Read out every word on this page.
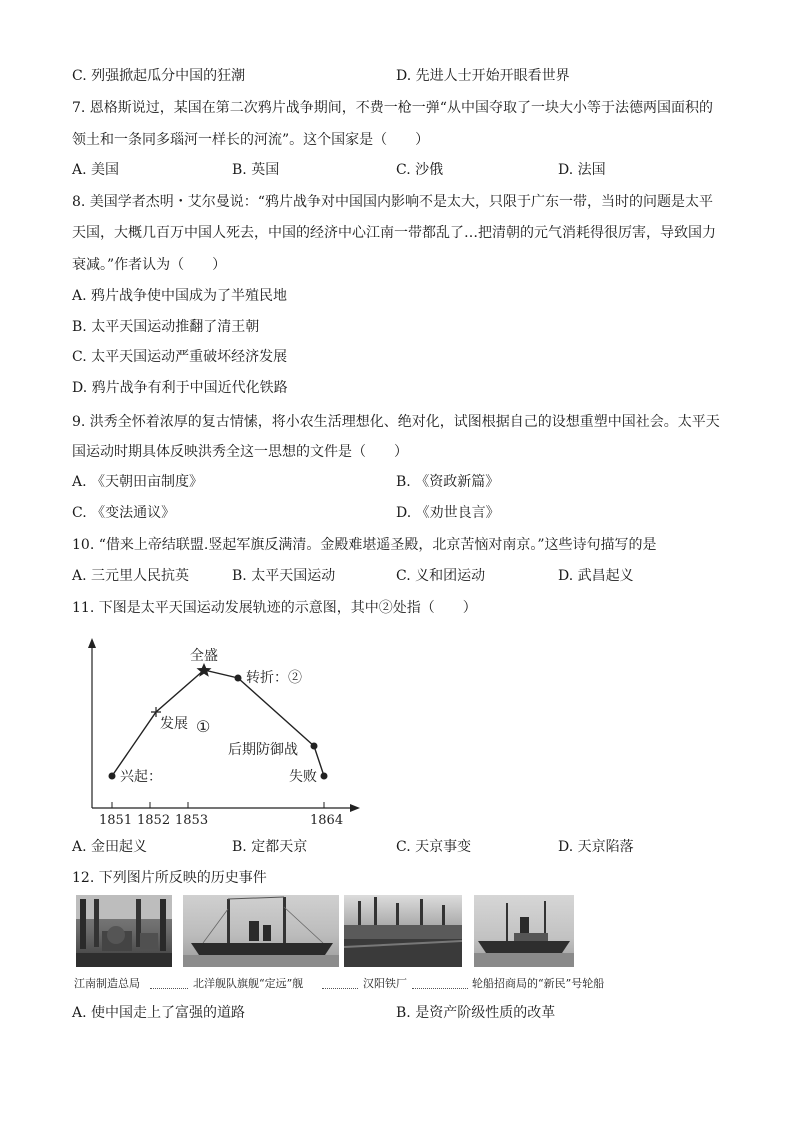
C. 列强掀起瓜分中国的狂潮	D. 先进人士开始开眼看世界
7. 恩格斯说过，某国在第二次鸦片战争期间，不费一枪一弹“从中国夺取了一块大小等于法德两国面积的
领土和一条同多瑙河一样长的河流”。这个国家是（　　）
A. 美国	B. 英国	C. 沙俄	D. 法国
8. 美国学者杰明・艾尔曼说：“鸦片战争对中国国内影响不是太大，只限于广东一带，当时的问题是太平
天国，大概几百万中国人死去，中国的经济中心江南一带都乱了…把清朝的元气消耗得很厉害，导致国力
衰减。”作者认为（　　）
A. 鸦片战争使中国成为了半殖民地
B. 太平天国运动推翻了清王朝
C. 太平天国运动严重破坏经济发展
D. 鸦片战争有利于中国近代化铁路
9. 洪秀全怀着浓厚的复古情愫，将小农生活理想化、绝对化，试图根据自己的设想重塑中国社会。太平天
国运动时期具体反映洪秀全这一思想的文件是（　　）
A. 《天朝田亩制度》	B. 《资政新篇》
C. 《变法通议》	D. 《劝世良言》
10. “借来上帝结联盟.竖起军旗反满清。金殿难堪遥圣殿，北京苦恼对南京。”这些诗句描写的是
A. 三元里人民抗英	B. 太平天国运动	C. 义和团运动	D. 武昌起义
11. 下图是太平天国运动发展轨迹的示意图，其中②处指（　　）
全盛
转折：②
发展 ①
后期防御战
兴起：	失败
1851 1852 1853	1864
A. 金田起义	B. 定都天京	C. 天京事变	D. 天京陷落
12. 下列图片所反映的历史事件
江南制造总局	北洋舰队旗舰“定远”舰	汉阳铁厂	轮船招商局的“新民”号轮船
A. 使中国走上了富强的道路	B. 是资产阶级性质的改革
